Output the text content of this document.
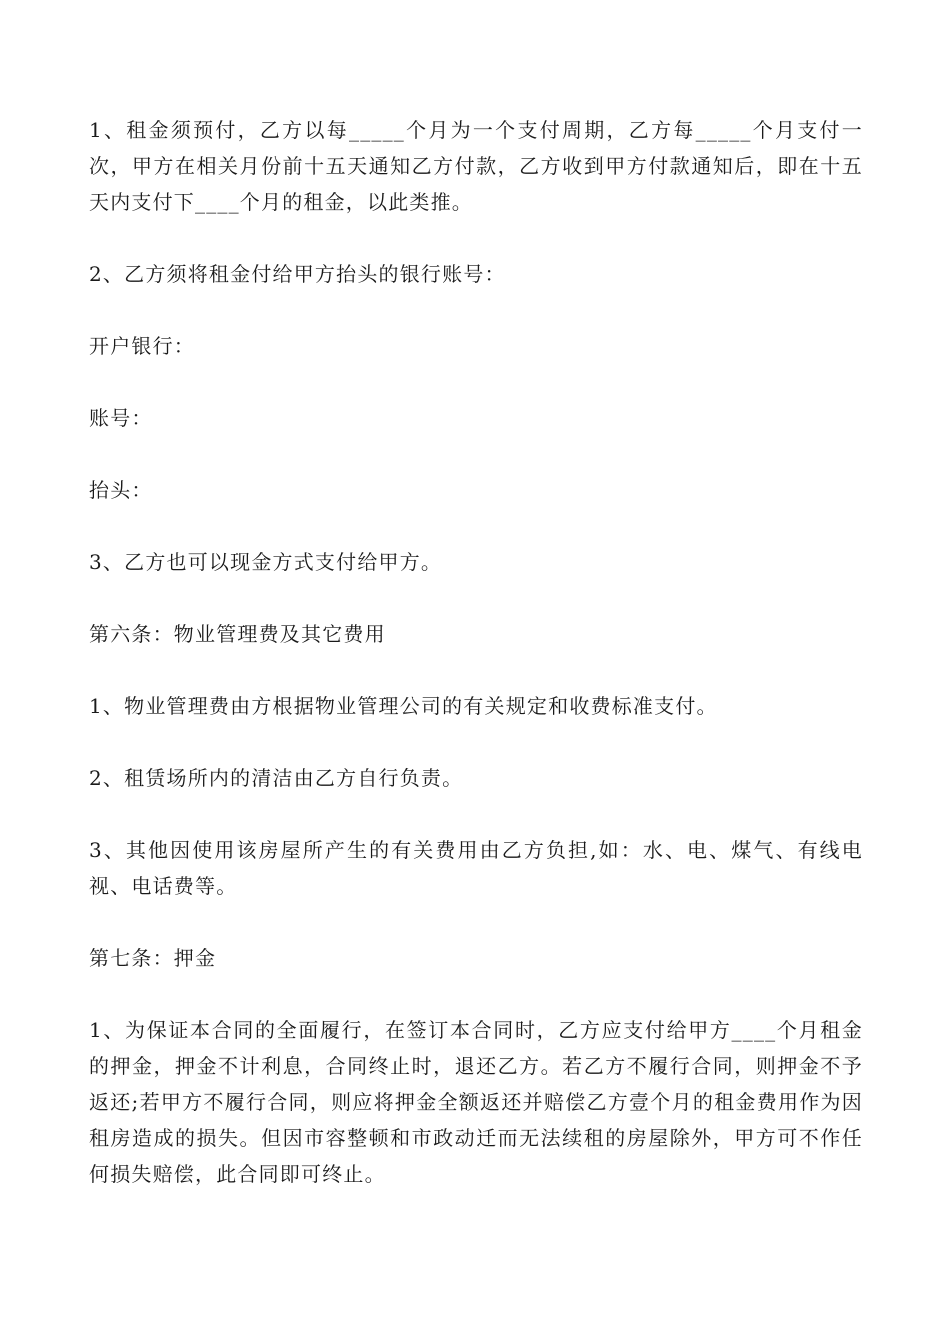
1、租金须预付，乙方以每_____个月为一个支付周期，乙方每_____个月支付一次，甲方在相关月份前十五天通知乙方付款，乙方收到甲方付款通知后，即在十五天内支付下____个月的租金，以此类推。

2、乙方须将租金付给甲方抬头的银行账号：

开户银行：

账号：

抬头：

3、乙方也可以现金方式支付给甲方。

第六条：物业管理费及其它费用

1、物业管理费由方根据物业管理公司的有关规定和收费标准支付。

2、租赁场所内的清洁由乙方自行负责。

3、其他因使用该房屋所产生的有关费用由乙方负担,如：水、电、煤气、有线电视、电话费等。

第七条：押金

1、为保证本合同的全面履行，在签订本合同时，乙方应支付给甲方____个月租金的押金，押金不计利息，合同终止时，退还乙方。若乙方不履行合同，则押金不予返还;若甲方不履行合同，则应将押金全额返还并赔偿乙方壹个月的租金费用作为因租房造成的损失。但因市容整顿和市政动迁而无法续租的房屋除外，甲方可不作任何损失赔偿，此合同即可终止。
